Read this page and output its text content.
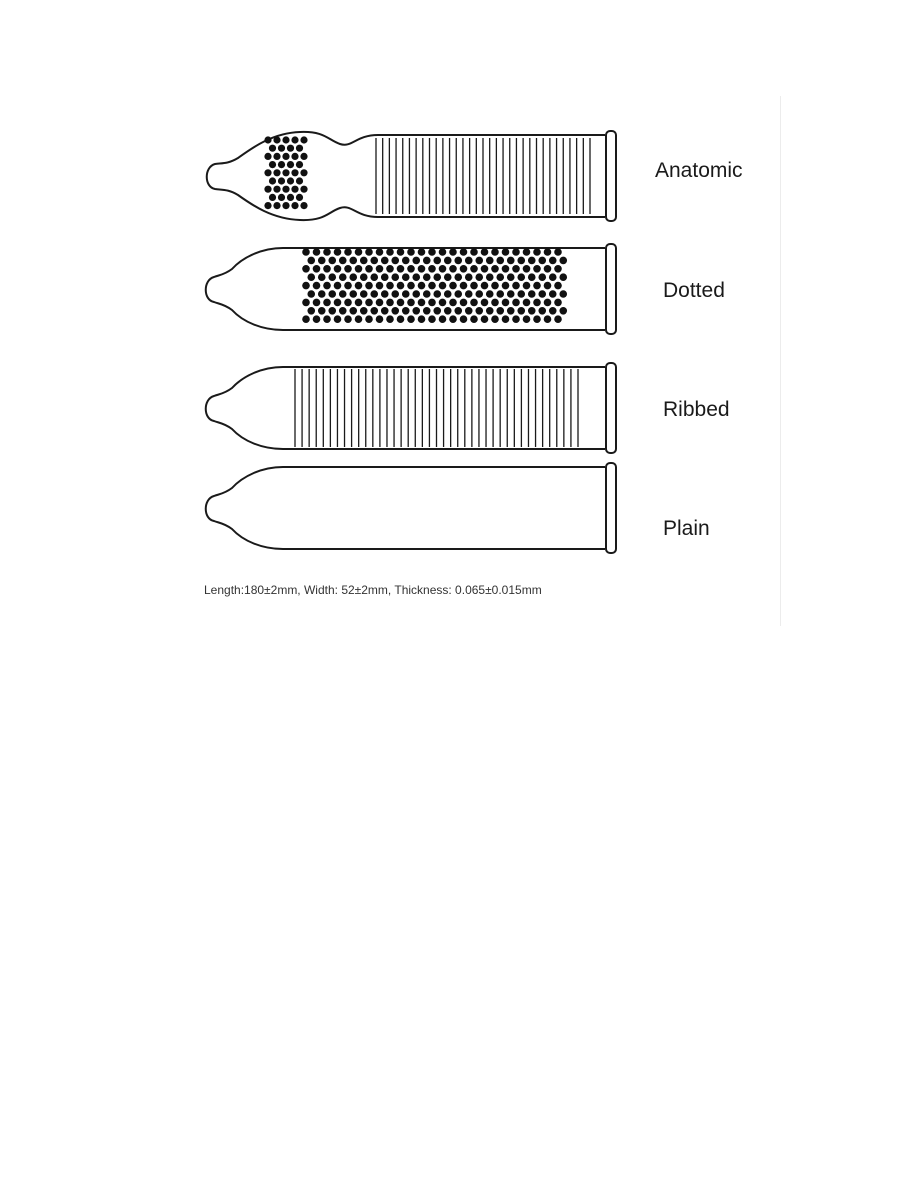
Anatomic
Dotted
Ribbed
Plain
Length:180±2mm, Width: 52±2mm, Thickness: 0.065±0.015mm
